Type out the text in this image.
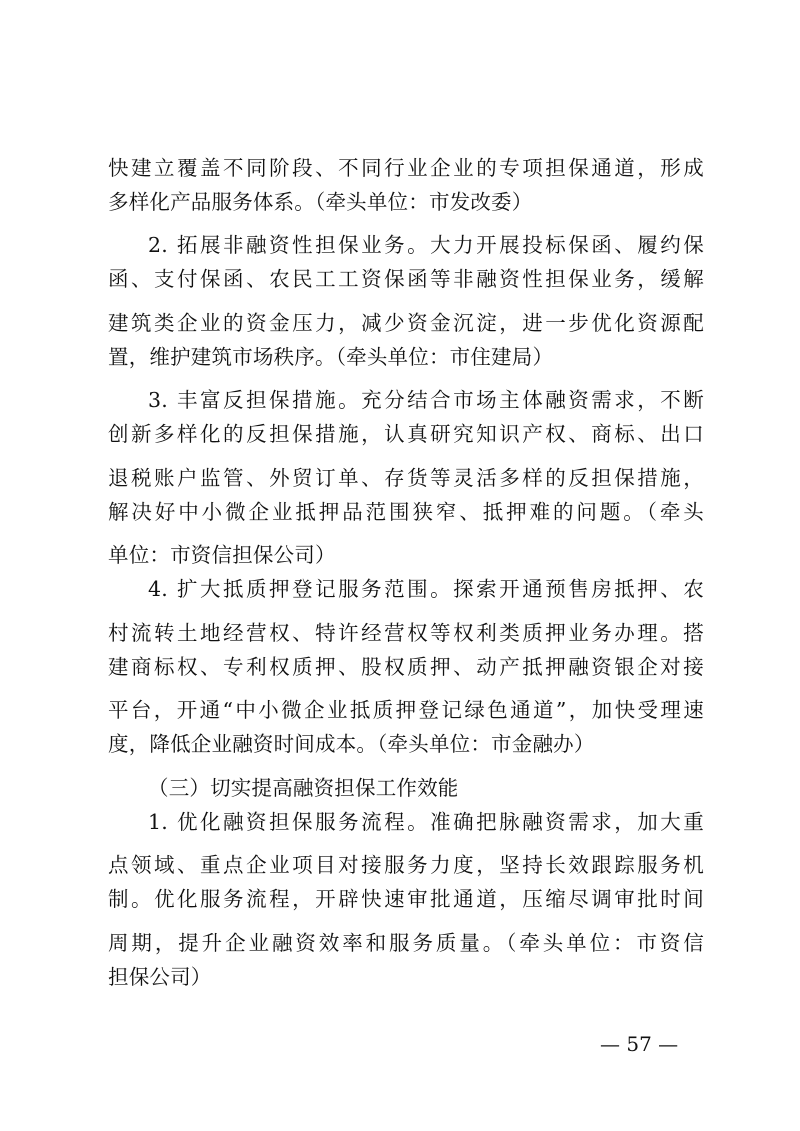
快建立覆盖不同阶段、不同行业企业的专项担保通道，形成
多样化产品服务体系。（牵头单位：市发改委）
2. 拓展非融资性担保业务。大力开展投标保函、履约保
函、支付保函、农民工工资保函等非融资性担保业务，缓解
建筑类企业的资金压力，减少资金沉淀，进一步优化资源配
置，维护建筑市场秩序。（牵头单位：市住建局）
3. 丰富反担保措施。充分结合市场主体融资需求，不断
创新多样化的反担保措施，认真研究知识产权、商标、出口
退税账户监管、外贸订单、存货等灵活多样的反担保措施，
解决好中小微企业抵押品范围狭窄、抵押难的问题。（牵头
单位：市资信担保公司）
4. 扩大抵质押登记服务范围。探索开通预售房抵押、农
村流转土地经营权、特许经营权等权利类质押业务办理。搭
建商标权、专利权质押、股权质押、动产抵押融资银企对接
平台，开通“中小微企业抵质押登记绿色通道”，加快受理速
度，降低企业融资时间成本。（牵头单位：市金融办）
（三）切实提高融资担保工作效能
1. 优化融资担保服务流程。准确把脉融资需求，加大重
点领域、重点企业项目对接服务力度，坚持长效跟踪服务机
制。优化服务流程，开辟快速审批通道，压缩尽调审批时间
周期，提升企业融资效率和服务质量。（牵头单位：市资信
担保公司）
— 57 —
